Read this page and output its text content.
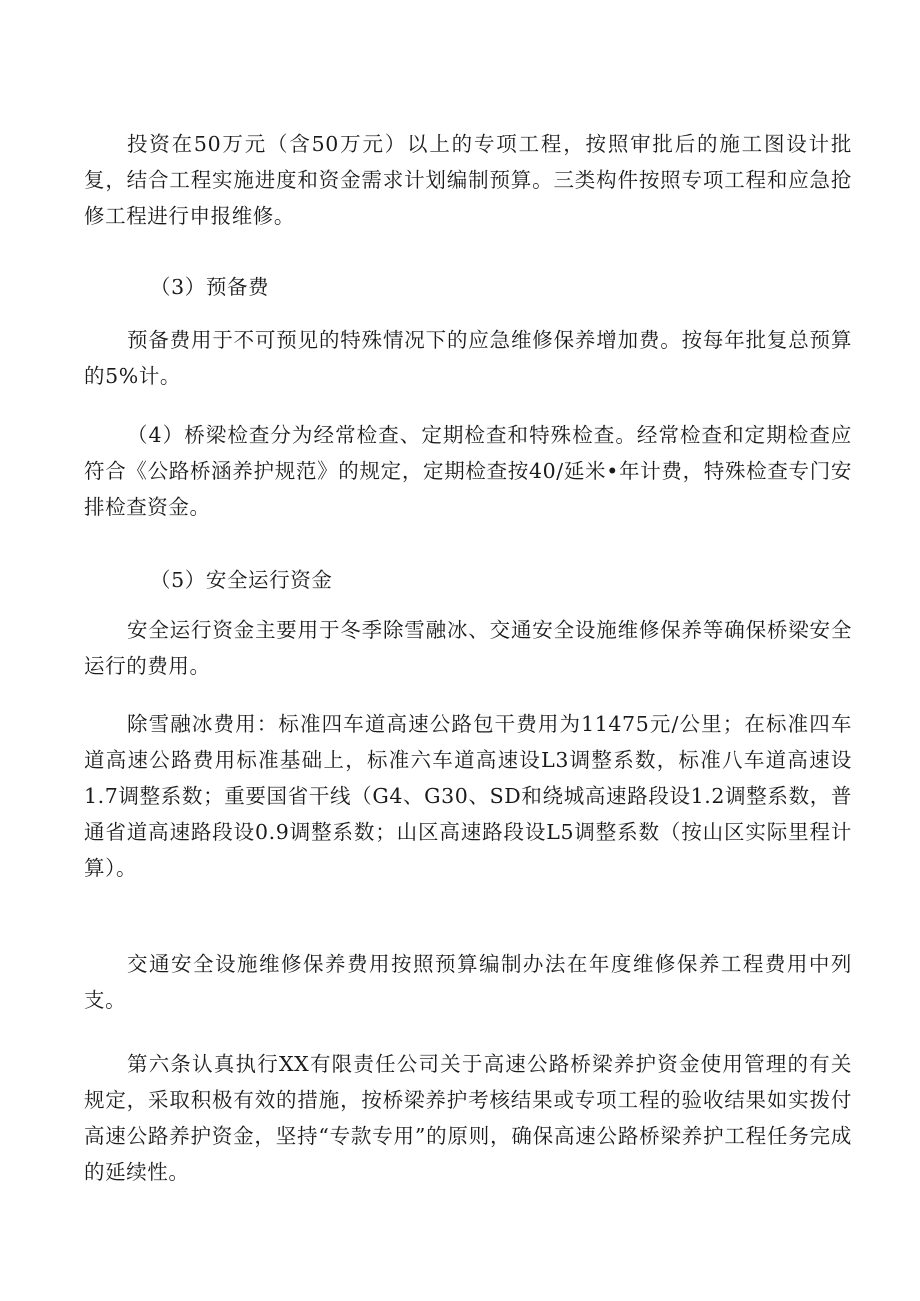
投资在50万元（含50万元）以上的专项工程，按照审批后的施工图设计批复，结合工程实施进度和资金需求计划编制预算。三类构件按照专项工程和应急抢修工程进行申报维修。

（3）预备费

预备费用于不可预见的特殊情况下的应急维修保养增加费。按每年批复总预算的5%计。

（4）桥梁检查分为经常检查、定期检查和特殊检查。经常检查和定期检查应符合《公路桥涵养护规范》的规定，定期检查按40/延米•年计费，特殊检查专门安排检查资金。

（5）安全运行资金

安全运行资金主要用于冬季除雪融冰、交通安全设施维修保养等确保桥梁安全运行的费用。

除雪融冰费用：标准四车道高速公路包干费用为11475元/公里；在标准四车道高速公路费用标准基础上，标准六车道高速设L3调整系数，标准八车道高速设1.7调整系数；重要国省干线（G4、G30、SD和绕城高速路段设1.2调整系数，普通省道高速路段设0.9调整系数；山区高速路段设L5调整系数（按山区实际里程计算）。

交通安全设施维修保养费用按照预算编制办法在年度维修保养工程费用中列支。

第六条认真执行XX有限责任公司关于高速公路桥梁养护资金使用管理的有关规定，采取积极有效的措施，按桥梁养护考核结果或专项工程的验收结果如实拨付高速公路养护资金，坚持“专款专用”的原则，确保高速公路桥梁养护工程任务完成的延续性。
